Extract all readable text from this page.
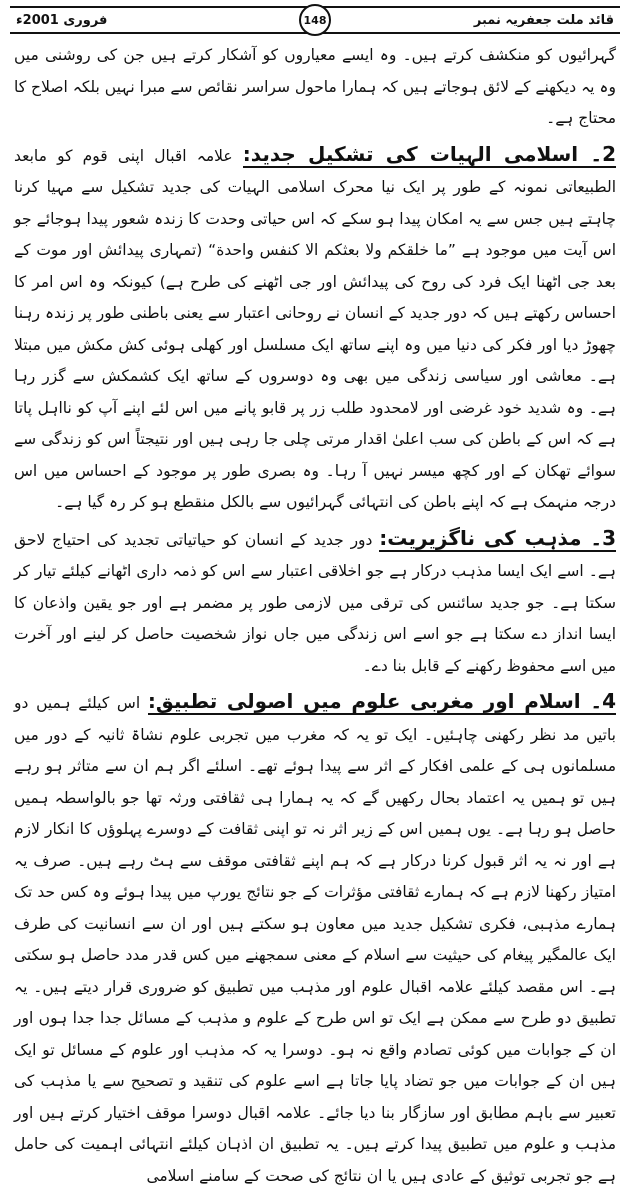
فروری 2001ء	148	قائد ملت جعفریہ نمبر

گہرائیوں کو منکشف کرتے ہیں۔ وہ ایسے معیاروں کو آشکار کرتے ہیں جن کی روشنی میں وہ یہ دیکھنے کے لائق ہوجاتے ہیں کہ ہمارا ماحول سراسر نقائص سے مبرا نہیں بلکہ اصلاح کا محتاج ہے۔

2۔ اسلامی الہیات کی تشکیل جدید: علامہ اقبال اپنی قوم کو مابعد الطبیعاتی نمونہ کے طور پر ایک نیا محرک اسلامی الہیات کی جدید تشکیل سے مہیا کرنا چاہتے ہیں جس سے یہ امکان پیدا ہو سکے کہ اس حیاتی وحدت کا زندہ شعور پیدا ہوجائے جو اس آیت میں موجود ہے ”ما خلقکم ولا بعثکم الا کنفس واحدة“ (تمہاری پیدائش اور موت کے بعد جی اٹھنا ایک فرد کی روح کی پیدائش اور جی اٹھنے کی طرح ہے) کیونکہ وہ اس امر کا احساس رکھتے ہیں کہ دور جدید کے انسان نے روحانی اعتبار سے یعنی باطنی طور پر زندہ رہنا چھوڑ دیا اور فکر کی دنیا میں وہ اپنے ساتھ ایک مسلسل اور کھلی ہوئی کش مکش میں مبتلا ہے۔ معاشی اور سیاسی زندگی میں بھی وہ دوسروں کے ساتھ ایک کشمکش سے گزر رہا ہے۔ وہ شدید خود غرضی اور لامحدود طلب زر پر قابو پانے میں اس لئے اپنے آپ کو نااہل پاتا ہے کہ اس کے باطن کی سب اعلیٰ اقدار مرتی چلی جا رہی ہیں اور نتیجتاً اس کو زندگی سے سوائے تھکان کے اور کچھ میسر نہیں آ رہا۔ وہ بصری طور پر موجود کے احساس میں اس درجہ منہمک ہے کہ اپنے باطن کی انتہائی گہرائیوں سے بالکل منقطع ہو کر رہ گیا ہے۔

3۔ مذہب کی ناگزیریت: دور جدید کے انسان کو حیاتیاتی تجدید کی احتیاج لاحق ہے۔ اسے ایک ایسا مذہب درکار ہے جو اخلاقی اعتبار سے اس کو ذمہ داری اٹھانے کیلئے تیار کر سکتا ہے۔ جو جدید سائنس کی ترقی میں لازمی طور پر مضمر ہے اور جو یقین واذعان کا ایسا انداز دے سکتا ہے جو اسے اس زندگی میں جاں نواز شخصیت حاصل کر لینے اور آخرت میں اسے محفوظ رکھنے کے قابل بنا دے۔

4۔ اسلام اور مغربی علوم میں اصولی تطبیق: اس کیلئے ہمیں دو باتیں مد نظر رکھنی چاہئیں۔ ایک تو یہ کہ مغرب میں تجربی علوم نشاۃ ثانیہ کے دور میں مسلمانوں ہی کے علمی افکار کے اثر سے پیدا ہوئے تھے۔ اسلئے اگر ہم ان سے متاثر ہو رہے ہیں تو ہمیں یہ اعتماد بحال رکھیں گے کہ یہ ہمارا ہی ثقافتی ورثہ تھا جو بالواسطہ ہمیں حاصل ہو رہا ہے۔ یوں ہمیں اس کے زیر اثر نہ تو اپنی ثقافت کے دوسرے پہلوؤں کا انکار لازم ہے اور نہ یہ اثر قبول کرنا درکار ہے کہ ہم اپنے ثقافتی موقف سے ہٹ رہے ہیں۔ صرف یہ امتیاز رکھنا لازم ہے کہ ہمارے ثقافتی مؤثرات کے جو نتائج یورپ میں پیدا ہوئے وہ کس حد تک ہمارے مذہبی، فکری تشکیل جدید میں معاون ہو سکتے ہیں اور ان سے انسانیت کی طرف ایک عالمگیر پیغام کی حیثیت سے اسلام کے معنی سمجھنے میں کس قدر مدد حاصل ہو سکتی ہے۔ اس مقصد کیلئے علامہ اقبال علوم اور مذہب میں تطبیق کو ضروری قرار دیتے ہیں۔ یہ تطبیق دو طرح سے ممکن ہے ایک تو اس طرح کے علوم و مذہب کے مسائل جدا جدا ہوں اور ان کے جوابات میں کوئی تصادم واقع نہ ہو۔ دوسرا یہ کہ مذہب اور علوم کے مسائل تو ایک ہیں ان کے جوابات میں جو تضاد پایا جاتا ہے اسے علوم کی تنقید و تصحیح سے یا مذہب کی تعبیر سے باہم مطابق اور سازگار بنا دیا جائے۔ علامہ اقبال دوسرا موقف اختیار کرتے ہیں اور مذہب و علوم میں تطبیق پیدا کرتے ہیں۔ یہ تطبیق ان اذہان کیلئے انتہائی اہمیت کی حامل ہے جو تجربی توثیق کے عادی ہیں یا ان نتائج کی صحت کے سامنے اسلامی
